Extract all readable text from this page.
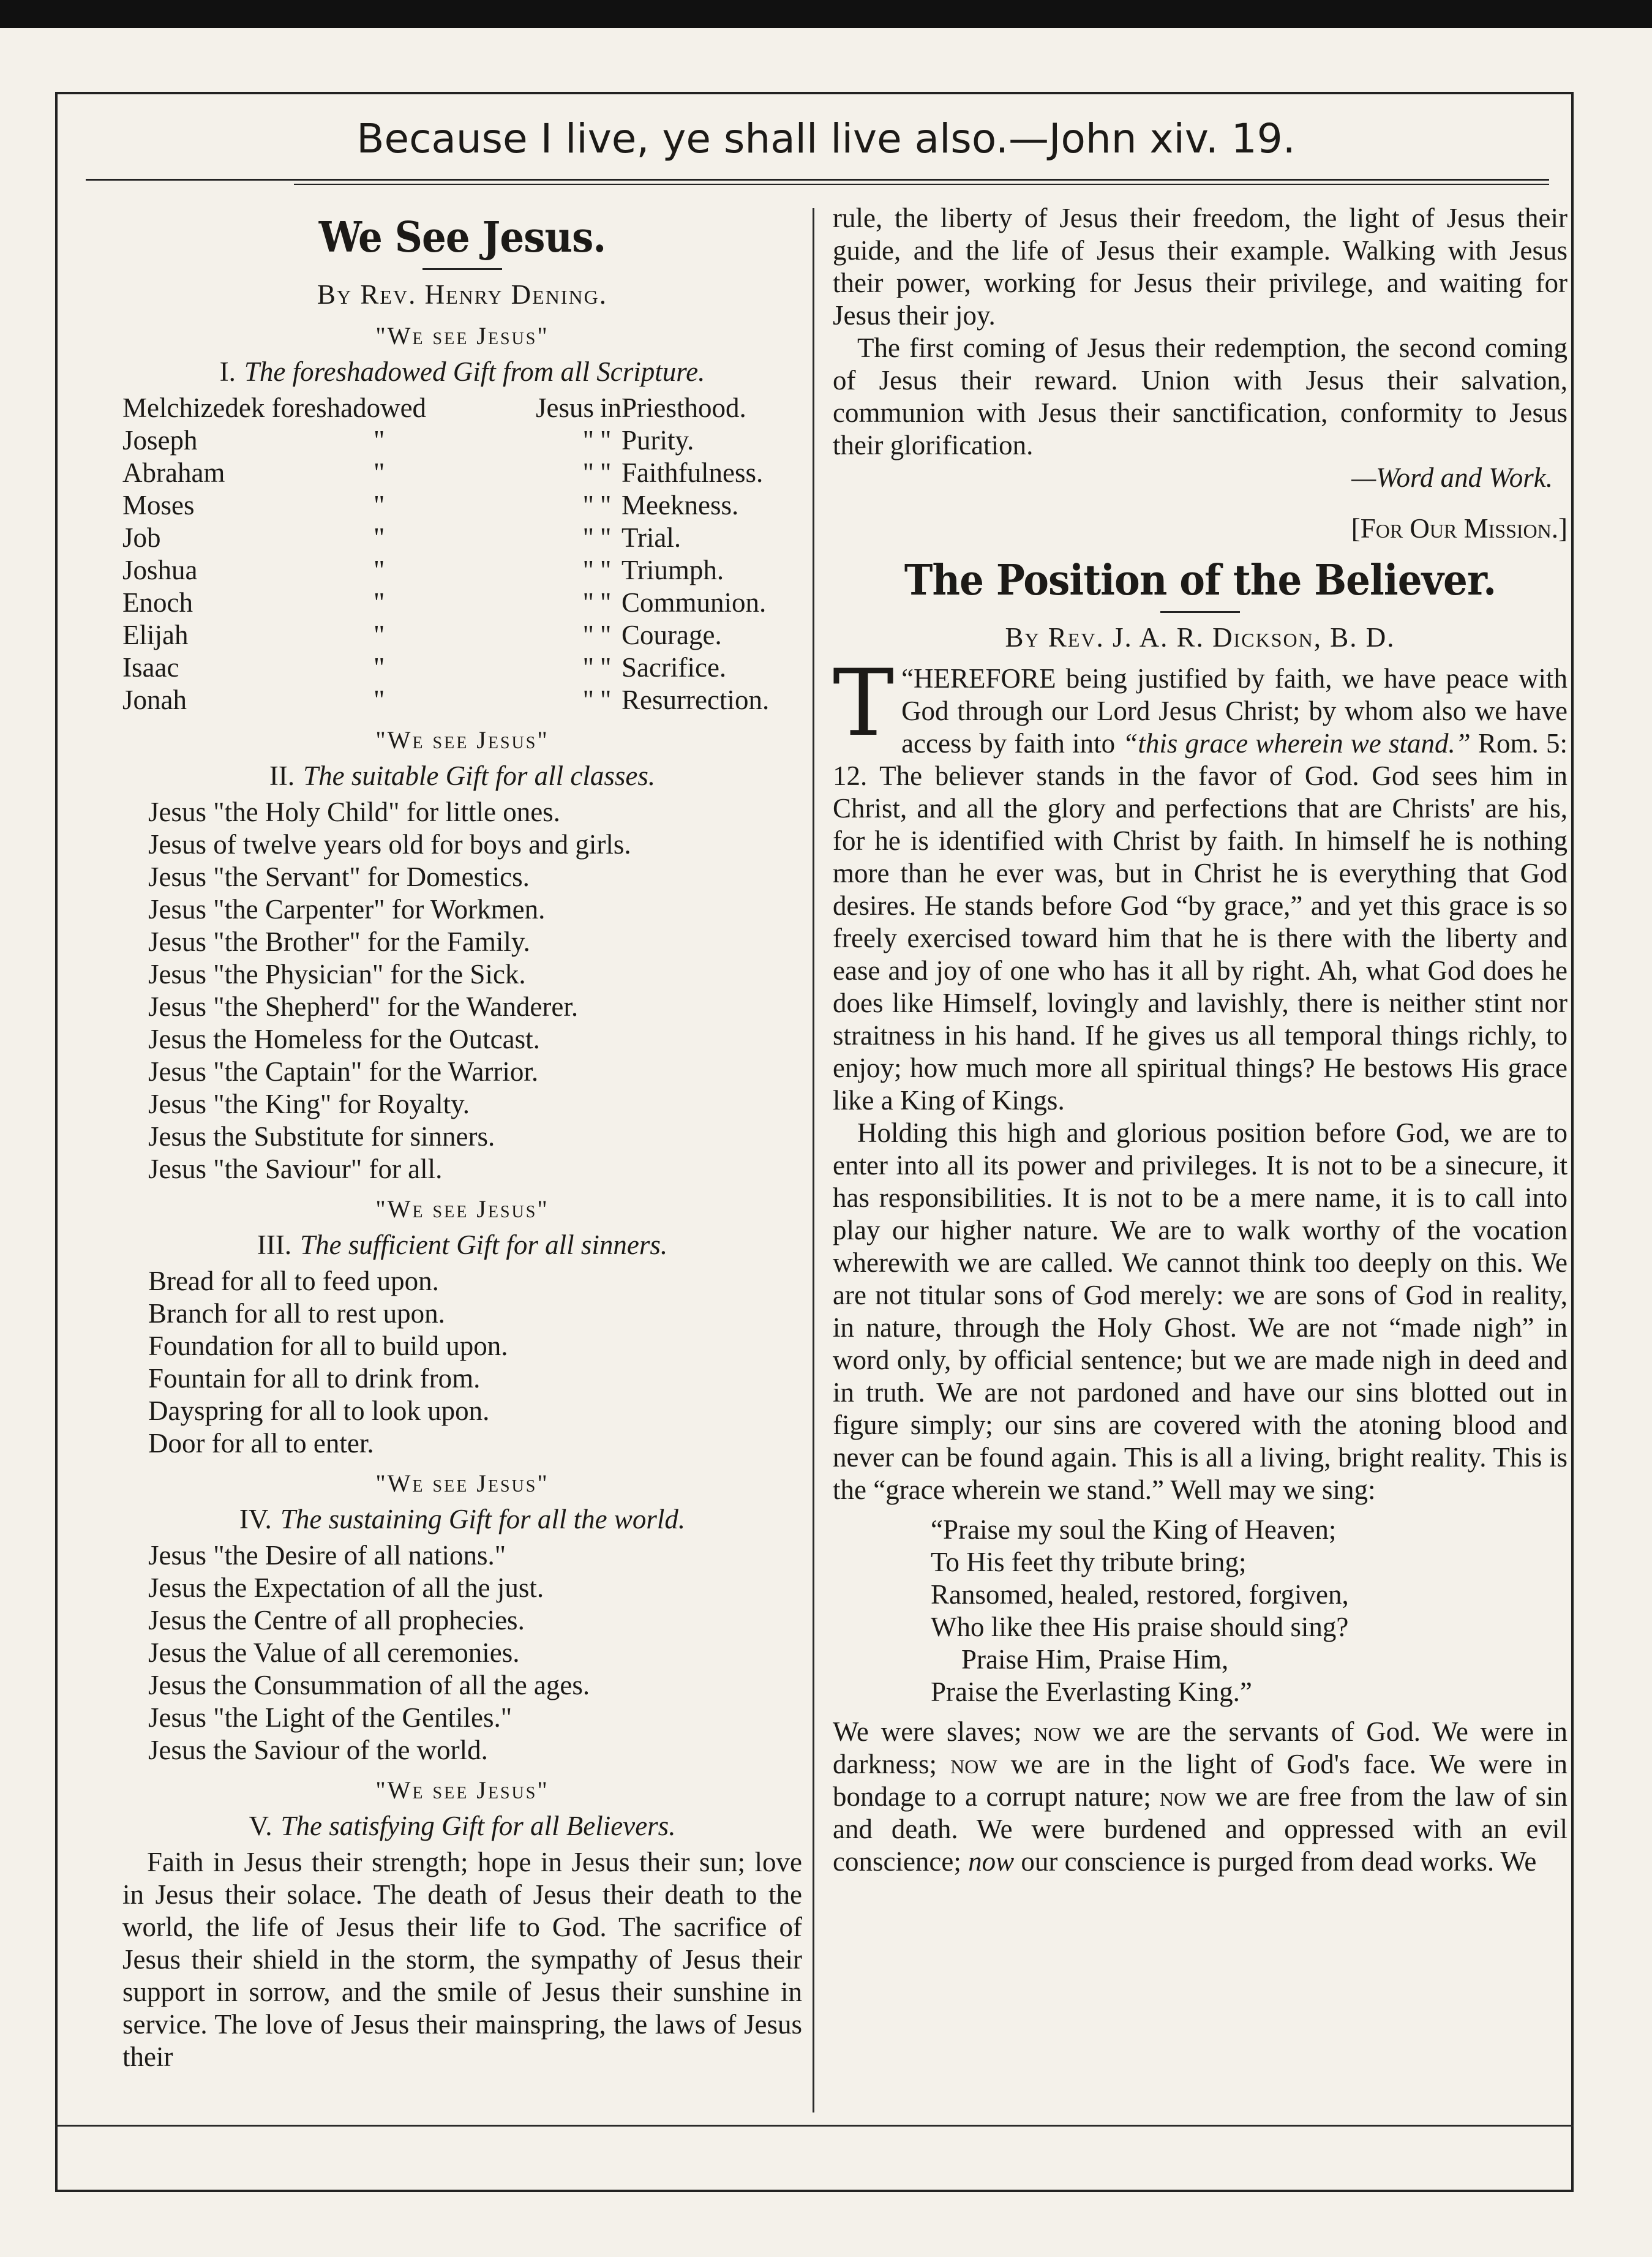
Because I live, ye shall live also.—John xiv. 19.
We See Jesus.
By Rev. Henry Dening.
"We see Jesus"
I. The foreshadowed Gift from all Scripture.
Melchizedek foreshadowed		Jesus	in	Priesthood.
Joseph	"	"	"	Purity.
Abraham	"	"	"	Faithfulness.
Moses	"	"	"	Meekness.
Job	"	"	"	Trial.
Joshua	"	"	"	Triumph.
Enoch	"	"	"	Communion.
Elijah	"	"	"	Courage.
Isaac	"	"	"	Sacrifice.
Jonah	"	"	"	Resurrection.
"We see Jesus"
II. The suitable Gift for all classes.
Jesus "the Holy Child" for little ones.
Jesus of twelve years old for boys and girls.
Jesus "the Servant" for Domestics.
Jesus "the Carpenter" for Workmen.
Jesus "the Brother" for the Family.
Jesus "the Physician" for the Sick.
Jesus "the Shepherd" for the Wanderer.
Jesus the Homeless for the Outcast.
Jesus "the Captain" for the Warrior.
Jesus "the King" for Royalty.
Jesus the Substitute for sinners.
Jesus "the Saviour" for all.
"We see Jesus"
III. The sufficient Gift for all sinners.
Bread for all to feed upon.
Branch for all to rest upon.
Foundation for all to build upon.
Fountain for all to drink from.
Dayspring for all to look upon.
Door for all to enter.
"We see Jesus"
IV. The sustaining Gift for all the world.
Jesus "the Desire of all nations."
Jesus the Expectation of all the just.
Jesus the Centre of all prophecies.
Jesus the Value of all ceremonies.
Jesus the Consummation of all the ages.
Jesus "the Light of the Gentiles."
Jesus the Saviour of the world.
"We see Jesus"
V. The satisfying Gift for all Believers.

Faith in Jesus their strength; hope in Jesus their sun; love in Jesus their solace. The death of Jesus their death to the world, the life of Jesus their life to God. The sacrifice of Jesus their shield in the storm, the sympathy of Jesus their support in sorrow, and the smile of Jesus their sunshine in service. The love of Jesus their mainspring, the laws of Jesus their

rule, the liberty of Jesus their freedom, the light of Jesus their guide, and the life of Jesus their example. Walking with Jesus their power, working for Jesus their privilege, and waiting for Jesus their joy.

The first coming of Jesus their redemption, the second coming of Jesus their reward. Union with Jesus their salvation, communion with Jesus their sanctification, conformity to Jesus their glorification.

—Word and Work.
[For Our Mission.]
The Position of the Believer.
By Rev. J. A. R. Dickson, B. D.

“
T HEREFORE being justified by faith, we have peace with God through our Lord Jesus Christ; by whom also we have access by faith into “this grace wherein we stand.” Rom. 5: 12. The believer stands in the favor of God. God sees him in Christ, and all the glory and perfections that are Christs' are his, for he is identified with Christ by faith. In himself he is nothing more than he ever was, but in Christ he is everything that God desires. He stands before God “by grace,” and yet this grace is so freely exercised toward him that he is there with the liberty and ease and joy of one who has it all by right. Ah, what God does he does like Himself, lovingly and lavishly, there is neither stint nor straitness in his hand. If he gives us all temporal things richly, to enjoy; how much more all spiritual things? He bestows His grace like a King of Kings.

Holding this high and glorious position before God, we are to enter into all its power and privileges. It is not to be a sinecure, it has responsibilities. It is not to be a mere name, it is to call into play our higher nature. We are to walk worthy of the vocation wherewith we are called. We cannot think too deeply on this. We are not titular sons of God merely: we are sons of God in reality, in nature, through the Holy Ghost. We are not “made nigh” in word only, by official sentence; but we are made nigh in deed and in truth. We are not pardoned and have our sins blotted out in figure simply; our sins are covered with the atoning blood and never can be found again. This is all a living, bright reality. This is the “grace wherein we stand.” Well may we sing:

“Praise my soul the King of Heaven;
To His feet thy tribute bring;
Ransomed, healed, restored, forgiven,
Who like thee His praise should sing?
Praise Him, Praise Him,
Praise the Everlasting King.”

We were slaves; now we are the servants of God. We were in darkness; now we are in the light of God's face. We were in bondage to a corrupt nature; now we are free from the law of sin and death. We were burdened and oppressed with an evil conscience; now our conscience is purged from dead works. We
